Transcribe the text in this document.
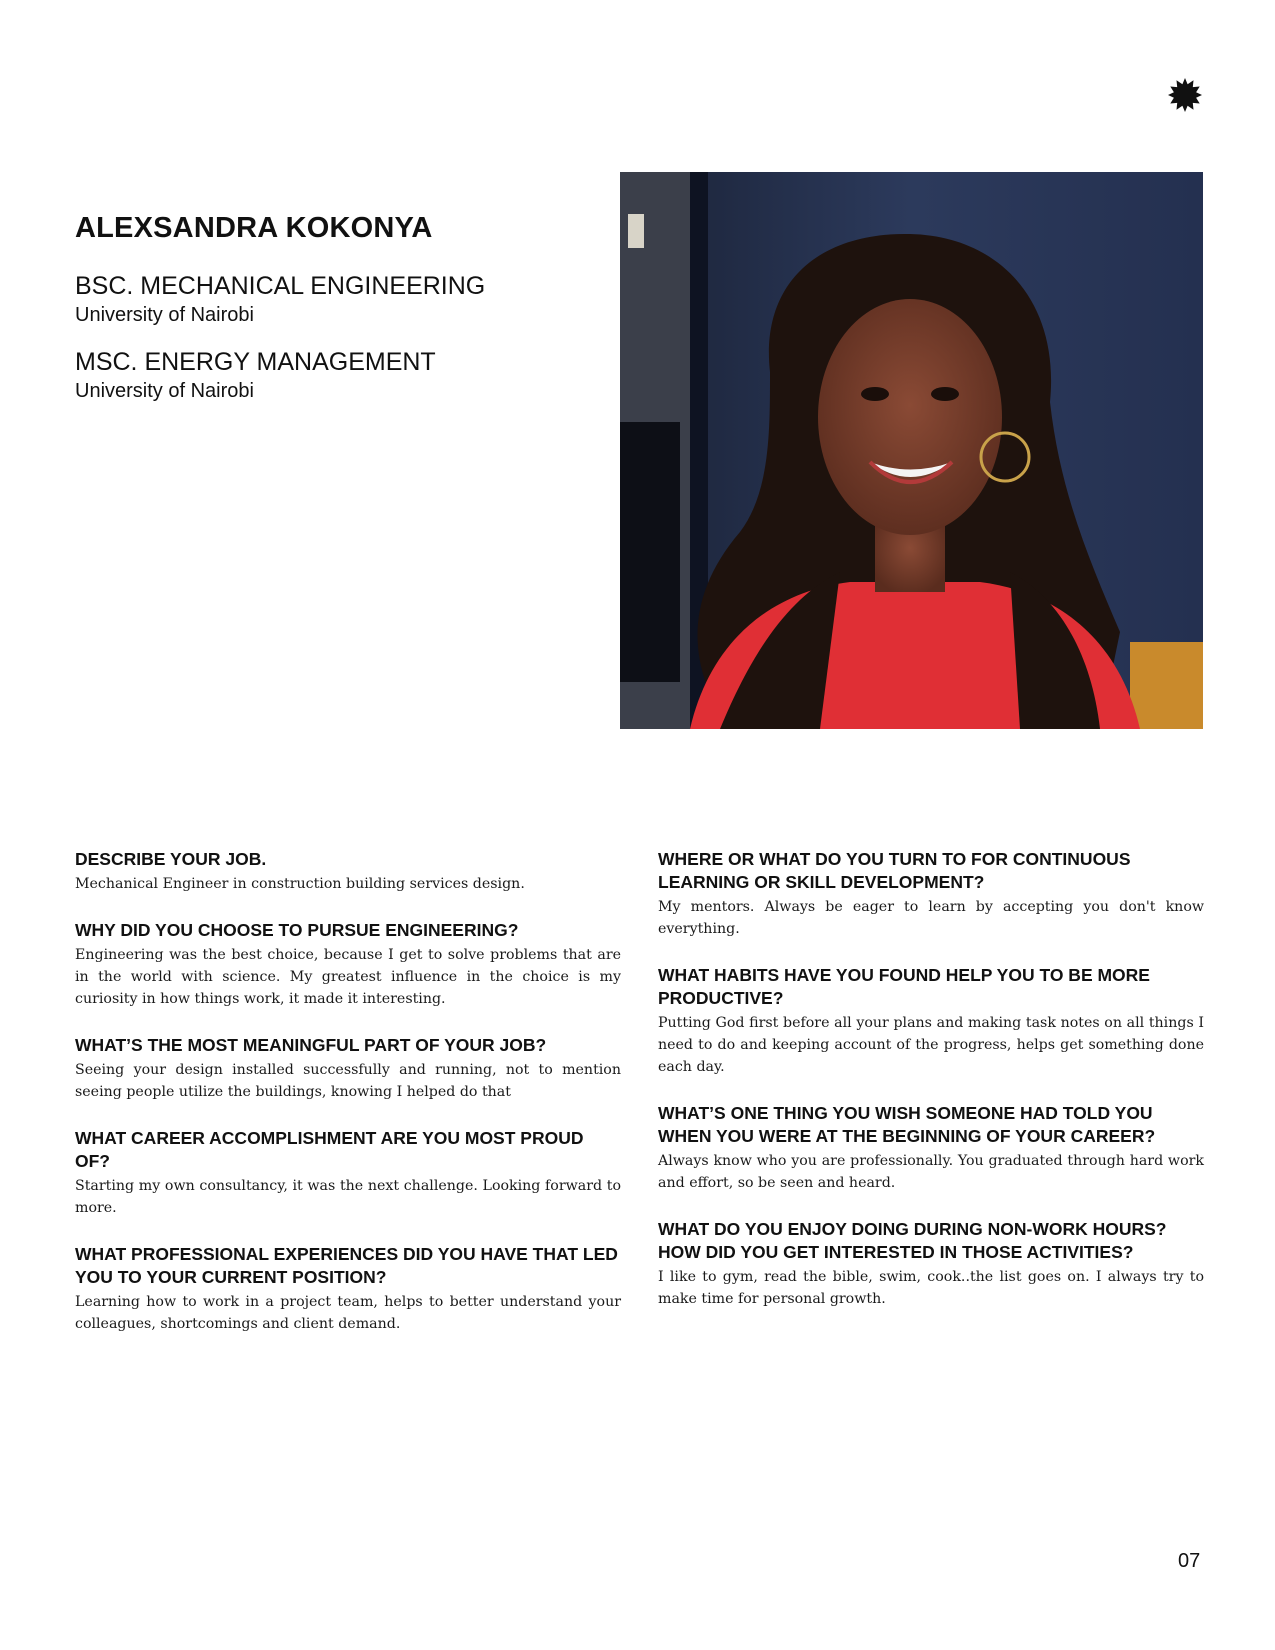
ALEXSANDRA KOKONYA

BSC. MECHANICAL ENGINEERING

University of Nairobi

MSC. ENERGY MANAGEMENT

University of Nairobi

DESCRIBE YOUR JOB.

Mechanical Engineer in construction building services design.

WHY DID YOU CHOOSE TO PURSUE ENGINEERING?

Engineering was the best choice, because I get to solve problems that are in the world with science. My greatest influence in the choice is my curiosity in how things work, it made it interesting.

WHAT’S THE MOST MEANINGFUL PART OF YOUR JOB?

Seeing your design installed successfully and running, not to mention seeing people utilize the buildings, knowing I helped do that

WHAT CAREER ACCOMPLISHMENT ARE YOU MOST PROUD OF?

Starting my own consultancy, it was the next challenge. Looking forward to more.

WHAT PROFESSIONAL EXPERIENCES DID YOU HAVE THAT LED YOU TO YOUR CURRENT POSITION?

Learning how to work in a project team, helps to better understand your colleagues, shortcomings and client demand.

WHERE OR WHAT DO YOU TURN TO FOR CONTINUOUS LEARNING OR SKILL DEVELOPMENT?

My mentors. Always be eager to learn by accepting you don't know everything.

WHAT HABITS HAVE YOU FOUND HELP YOU TO BE MORE PRODUCTIVE?

Putting God first before all your plans and making task notes on all things I need to do and keeping account of the progress, helps get something done each day.

WHAT’S ONE THING YOU WISH SOMEONE HAD TOLD YOU WHEN YOU WERE AT THE BEGINNING OF YOUR CAREER?

Always know who you are professionally. You graduated through hard work and effort, so be seen and heard.

WHAT DO YOU ENJOY DOING DURING NON-WORK HOURS? HOW DID YOU GET INTERESTED IN THOSE ACTIVITIES?

I like to gym, read the bible, swim, cook..the list goes on. I always try to make time for personal growth.

07
